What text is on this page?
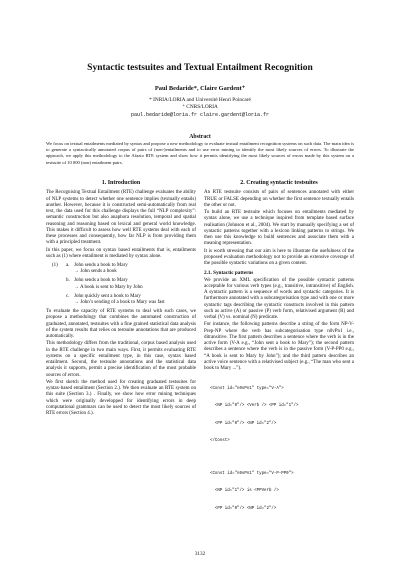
Syntactic testsuites and Textual Entailment Recognition
Paul Bedaride*, Claire Gardent⁺
* INRIA/LORIA and Université Henri Poincaré
⁺ CNRS/LORIA
paul.bedaride@loria.fr claire.gardent@loria.fr
Abstract
We focus on textual entailments mediated by syntax and propose a new methodology to evaluate textual entailment recognition systems on such data. The main idea is to generate a syntactically annotated corpus of pairs of (non-)entailments and to use error mining to identify the most likely sources of errors. To illustrate the approach, we apply this methodology to the Afazio RTE system and show how it permits identifying the most likely sources of errors made by this system on a testsuite of 10 000 (non) entailment pairs.
1. Introduction
The Recognising Textual Entailment (RTE) challenge evaluates the ability of NLP systems to detect whether one sentence implies (textually entails) another. However, because it is constructed semi-automatically from real text, the data used for this challenge displays the full “NLP complexity”: semantic construction but also anaphora resolution, temporal and spatial reasoning and reasoning based on lexical and general world knowledge. This makes it difficult to assess how well RTE systems deal with each of these processes and consequently, how far NLP is from providing them with a principled treatment.
In this paper, we focus on syntax based entailments that is, entailments such as (1) where entailment is mediated by syntax alone.
(1)	a. John sends a book to Mary
→ John sends a book
b. John sends a book to Mary
→ A book is sent to Mary by John
c. John quickly sent a book to Mary
→ John’s sending of a book to Mary was fast
To evaluate the capacity of RTE systems to deal with such cases, we propose a methodology that combines the automated construction of graduated, annotated, testsuites with a fine grained statistical data analysis of the system results that relies on testsuite annotations that are produced automatically.
This methodology differs from the traditional, corpus based analysis used in the RTE challenge in two main ways. First, it permits evaluating RTE systems on a specific entailment type, in this case, syntax based entailment. Second, the testsuite annotations and the statistical data analysis it supports, permit a precise identification of the most probable sources of errors.
We first sketch the method used for creating graduated testsuites for syntax-based entailment (Section 2.). We then evaluate an RTE system on this suite (Section 3.) . Finally, we show how error mining techniques which were originally developped for identifying errors in deep computational grammars can be used to detect the most likely sources of RTE errors (Section 4.).
2. Creating syntactic testsuites
An RTE testsuite consists of pairs of sentences annotated with either TRUE or FALSE depending on whether the first sentence textually entails the other or not.
To build an RTE testsuite which focuses on entailments mediated by syntax alone, we use a technique inspired from template based surface realisation (Johnson et al., 2004). We start by manually specifying a set of syntactic patterns together with a lexicon linking patterns to strings. We then use this knowledge to build sentences and associate them with a meaning representation.
It is worth stressing that our aim is here to illustrate the usefulness of the proposed evaluation methodology not to provide an extensive coverage of the possible syntactic variations on a given content.
2.1. Syntactic patterns
We provide an XML specification of the possible syntactic patterns acceptable for various verb types (e.g., transitive, intransitive) of English. A syntactic pattern is a sequence of words and syntactic categories. It is furthermore annotated with a subcategorisation type and with one or more syntactic tags describing the syntactic constructs involved in this pattern such as active (A) or passive (P) verb form, relativised argument (R) and verbal (V) vs. nominal (N) predicate.
For instance, the following patterns describe a string of the form NP-V-Prep-NP where the verb has subcategorisation type n0vPn1 i.e., ditransitive. The first pattern describes a sentence where the verb is in the active form (V-A e.g., “John sent a book to Mary”); the second pattern describes a sentence where the verb is in the passive form (V-P-PP0 e.g., “A book is sent to Mary by John”); and the third pattern describes an active voice sentence with a relativised subject (e.g., “The man who sent a book to Mary ...”).

<Const id="n0vPn1" type="V-A">

<NP id="0"/> <Verb /> <PP id="1"/>

<PP id="0"/> <NP id="2"/>

</Const>

<Const id="n0vPn1" type="V-P-PP0">

<NP id="1"/> is <PPVerb />

<PP id="0"/> <NP id="2"/>

3132
